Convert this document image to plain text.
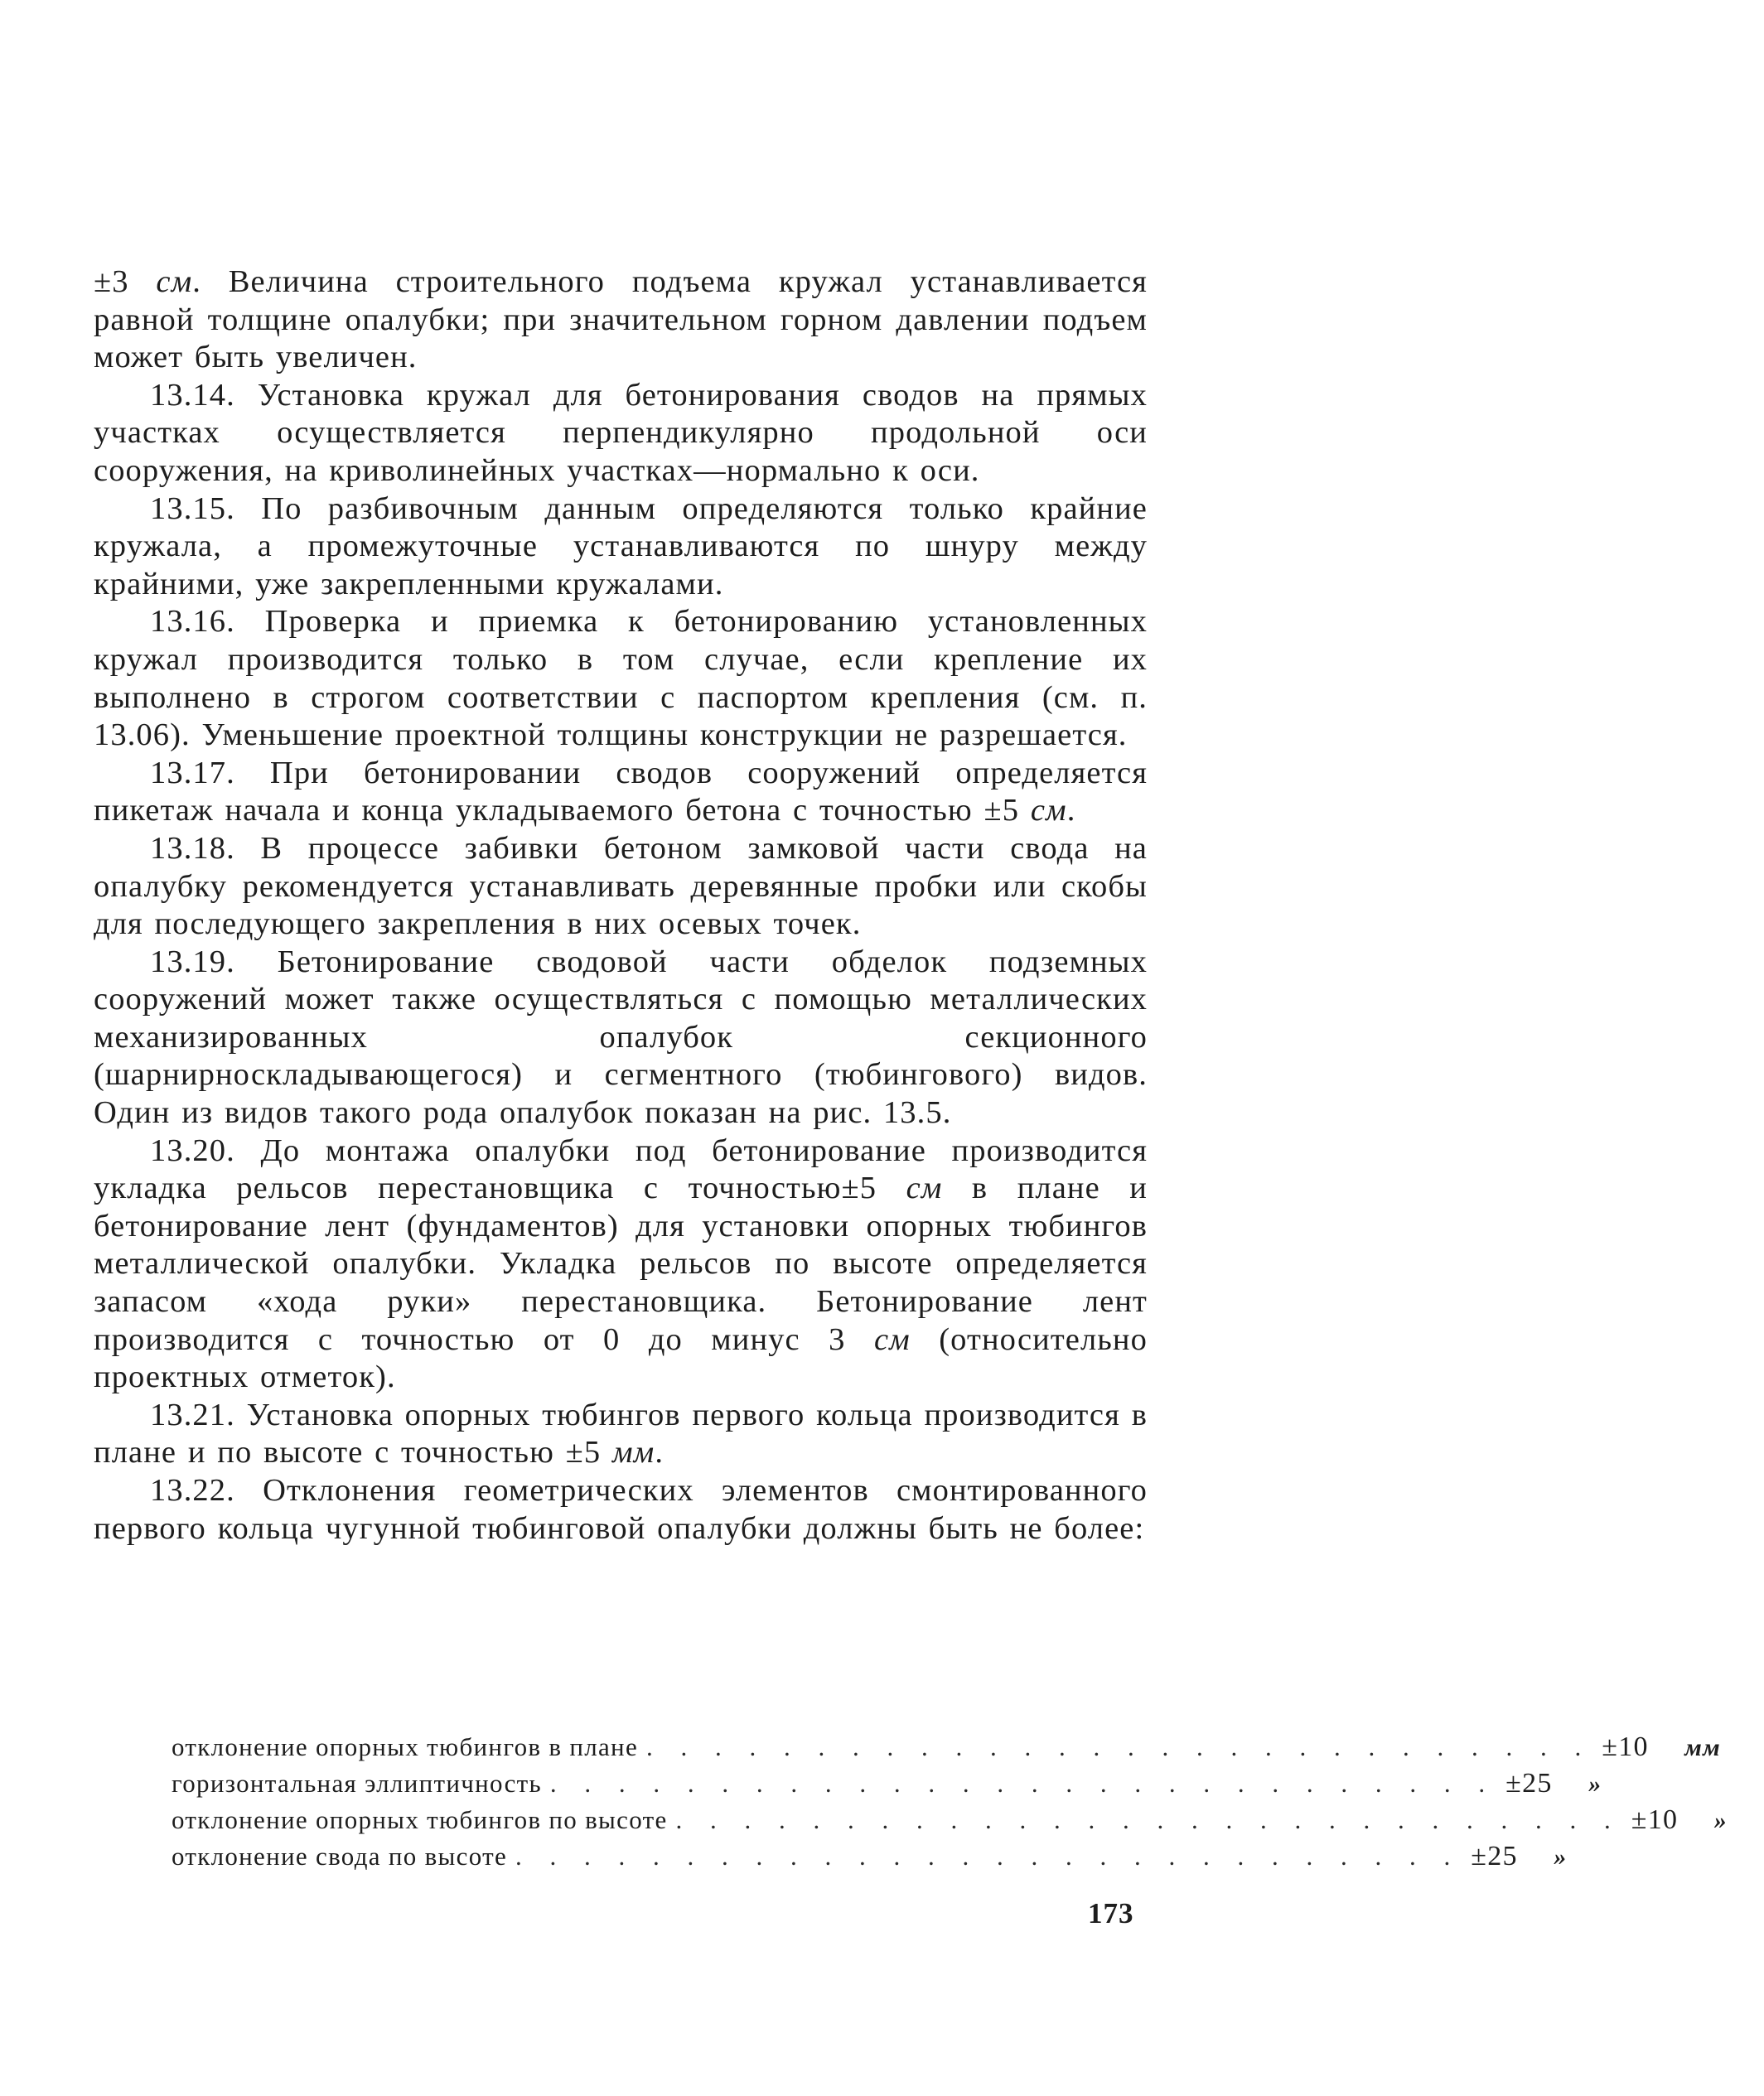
±3 см. Величина строительного подъема кружал устанавливается равной толщине опалубки; при значительном горном давлении подъем может быть увеличен.

13.14. Установка кружал для бетонирования сводов на прямых участках осуществляется перпендикулярно продольной оси сооружения, на криволинейных участках—нормально к оси.

13.15. По разбивочным данным определяются только крайние кружала, а промежуточные устанавливаются по шнуру между крайними, уже закрепленными кружалами.

13.16. Проверка и приемка к бетонированию установленных кружал производится только в том случае, если крепление их выполнено в строгом соответствии с паспортом крепления (см. п. 13.06). Уменьшение проектной толщины конструкции не разрешается.

13.17. При бетонировании сводов сооружений определяется пикетаж начала и конца укладываемого бетона с точностью ±5 см.

13.18. В процессе забивки бетоном замковой части свода на опалубку рекомендуется устанавливать деревянные пробки или скобы для последующего закрепления в них осевых точек.

13.19. Бетонирование сводовой части обделок подземных сооружений может также осуществляться с помощью металлических механизированных опалубок секционного (шарнирноскладывающегося) и сегментного (тюбингового) видов. Один из видов такого рода опалубок показан на рис. 13.5.

13.20. До монтажа опалубки под бетонирование производится укладка рельсов перестановщика с точностью±5 см в плане и бетонирование лент (фундаментов) для установки опорных тюбингов металлической опалубки. Укладка рельсов по высоте определяется запасом «хода руки» перестановщика. Бетонирование лент производится с точностью от 0 до минус 3 см (относительно проектных отметок).

13.21. Установка опорных тюбингов первого кольца производится в плане и по высоте с точностью ±5 мм.

13.22. Отклонения геометрических элементов смонтированного первого кольца чугунной тюбинговой опалубки должны быть не более:

отклонение опорных тюбингов в плане . . . . . . . . . . . . . . . . . . . . . . . . . . . . ±10	мм
горизонтальная эллиптичность . . . . . . . . . . . . . . . . . . . . . . . . . . . . ±25	»
отклонение опорных тюбингов по высоте . . . . . . . . . . . . . . . . . . . . . . . . . . . . ±10	»
отклонение свода по высоте . . . . . . . . . . . . . . . . . . . . . . . . . . . . ±25	»
173
